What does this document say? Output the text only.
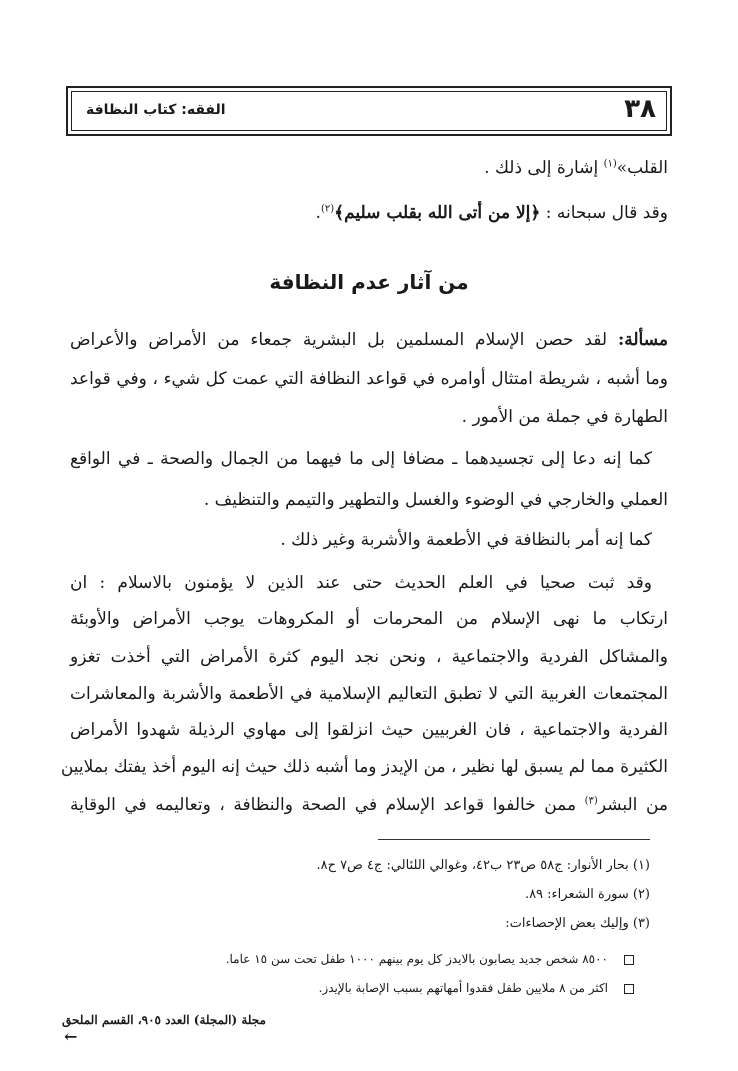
٣٨
الفقه: كتاب النظافة
القلب»$^{(١)}$ إشارة إلى ذلك .
وقد قال سبحانه : ﴿إلا من أتى الله بقلب سليم﴾$^{(٢)}$.
من آثار عدم النظافة
مسألة: لقد حصن الإسلام المسلمين بل البشرية جمعاء من الأمراض والأعراض
وما أشبه ، شريطة امتثال أوامره في قواعد النظافة التي عمت كل شيء ، وفي قواعد
الطهارة في جملة من الأمور .
كما إنه دعا إلى تجسيدهما ـ مضافا إلى ما فيهما من الجمال والصحة ـ في الواقع
العملي والخارجي في الوضوء والغسل والتطهير والتيمم والتنظيف .
كما إنه أمر بالنظافة في الأطعمة والأشربة وغير ذلك .
وقد ثبت صحيا في العلم الحديث حتى عند الذين لا يؤمنون بالاسلام : ان
ارتكاب ما نهى الإسلام من المحرمات أو المكروهات يوجب الأمراض والأوبئة
والمشاكل الفردية والاجتماعية ، ونحن نجد اليوم كثرة الأمراض التي أخذت تغزو
المجتمعات الغربية التي لا تطبق التعاليم الإسلامية في الأطعمة والأشربة والمعاشرات
الفردية والاجتماعية ، فان الغربيين حيث انزلقوا إلى مهاوي الرذيلة شهدوا الأمراض
الكثيرة مما لم يسبق لها نظير ، من الإيدز وما أشبه ذلك حيث إنه اليوم أخذ يفتك بملايين
من البشر$^{(٣)}$ ممن خالفوا قواعد الإسلام في الصحة والنظافة ، وتعاليمه في الوقاية
(١) بحار الأنوار: ج٥٨ ص٢٣ ب٤٢، وغوالي اللئالي: ج٤ ص٧ ح٨.
(٢) سورة الشعراء: ٨٩.
(٣) وإليك بعض الإحصاءات:
٨٥٠٠ شخص جديد يصابون بالايدز كل يوم بينهم ١٠٠٠ طفل تحت سن ١٥ عاما.
اكثر من ٨ ملايين طفل فقدوا أمهاتهم بسبب الإصابة بالإيدز.
مجلة (المجلة) العدد ٩٠٥، القسم الملحق
←
